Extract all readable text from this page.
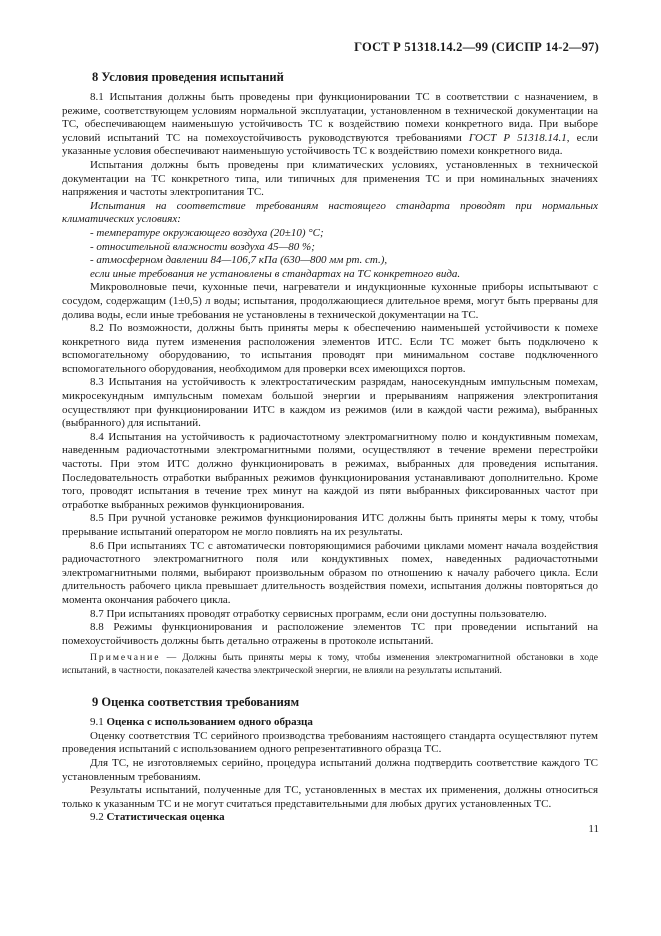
ГОСТ Р 51318.14.2—99 (СИСПР 14-2—97)
8 Условия проведения испытаний

8.1 Испытания должны быть проведены при функционировании ТС в соответствии с назначением, в режиме, соответствующем условиям нормальной эксплуатации, установленном в технической документации на ТС, обеспечивающем наименьшую устойчивость ТС к воздействию помехи конкретного вида. При выборе условий испытаний ТС на помехоустойчивость руководствуются требованиями ГОСТ Р 51318.14.1, если указанные условия обеспечивают наименьшую устойчивость ТС к воздействию помехи конкретного вида.

Испытания должны быть проведены при климатических условиях, установленных в технической документации на ТС конкретного типа, или типичных для применения ТС и при номинальных значениях напряжения и частоты электропитания ТС.

Испытания на соответствие требованиям настоящего стандарта проводят при нормальных климатических условиях:

- температуре окружающего воздуха (20±10) °С;

- относительной влажности воздуха 45—80 %;

- атмосферном давлении 84—106,7 кПа (630—800 мм рт. ст.),

если иные требования не установлены в стандартах на ТС конкретного вида.

Микроволновые печи, кухонные печи, нагреватели и индукционные кухонные приборы испытывают с сосудом, содержащим (1±0,5) л воды; испытания, продолжающиеся длительное время, могут быть прерваны для долива воды, если иные требования не установлены в технической документации на ТС.

8.2 По возможности, должны быть приняты меры к обеспечению наименьшей устойчивости к помехе конкретного вида путем изменения расположения элементов ИТС. Если ТС может быть подключено к вспомогательному оборудованию, то испытания проводят при минимальном составе подключенного вспомогательного оборудования, необходимом для проверки всех имеющихся портов.

8.3 Испытания на устойчивость к электростатическим разрядам, наносекундным импульсным помехам, микросекундным импульсным помехам большой энергии и прерываниям напряжения электропитания осуществляют при функционировании ИТС в каждом из режимов (или в каждой части режима), выбранных (выбранного) для испытаний.

8.4 Испытания на устойчивость к радиочастотному электромагнитному полю и кондуктивным помехам, наведенным радиочастотными электромагнитными полями, осуществляют в течение времени перестройки частоты. При этом ИТС должно функционировать в режимах, выбранных для проведения испытания. Последовательность отработки выбранных режимов функционирования устанавливают дополнительно. Кроме того, проводят испытания в течение трех минут на каждой из пяти выбранных фиксированных частот при отработке выбранных режимов функционирования.

8.5 При ручной установке режимов функционирования ИТС должны быть приняты меры к тому, чтобы прерывание испытаний оператором не могло повлиять на их результаты.

8.6 При испытаниях ТС с автоматически повторяющимися рабочими циклами момент начала воздействия радиочастотного электромагнитного поля или кондуктивных помех, наведенных радиочастотными электромагнитными полями, выбирают произвольным образом по отношению к началу рабочего цикла. Если длительность рабочего цикла превышает длительность воздействия помехи, испытания должны повторяться до момента окончания рабочего цикла.

8.7 При испытаниях проводят отработку сервисных программ, если они доступны пользователю.

8.8 Режимы функционирования и расположение элементов ТС при проведении испытаний на помехоустойчивость должны быть детально отражены в протоколе испытаний.

Примечание — Должны быть приняты меры к тому, чтобы изменения электромагнитной обстановки в ходе испытаний, в частности, показателей качества электрической энергии, не влияли на результаты испытаний.

9 Оценка соответствия требованиям

9.1 Оценка с использованием одного образца

Оценку соответствия ТС серийного производства требованиям настоящего стандарта осуществляют путем проведения испытаний с использованием одного репрезентативного образца ТС.

Для ТС, не изготовляемых серийно, процедура испытаний должна подтвердить соответствие каждого ТС установленным требованиям.

Результаты испытаний, полученные для ТС, установленных в местах их применения, должны относиться только к указанным ТС и не могут считаться представительными для любых других установленных ТС.

9.2 Статистическая оценка

11
